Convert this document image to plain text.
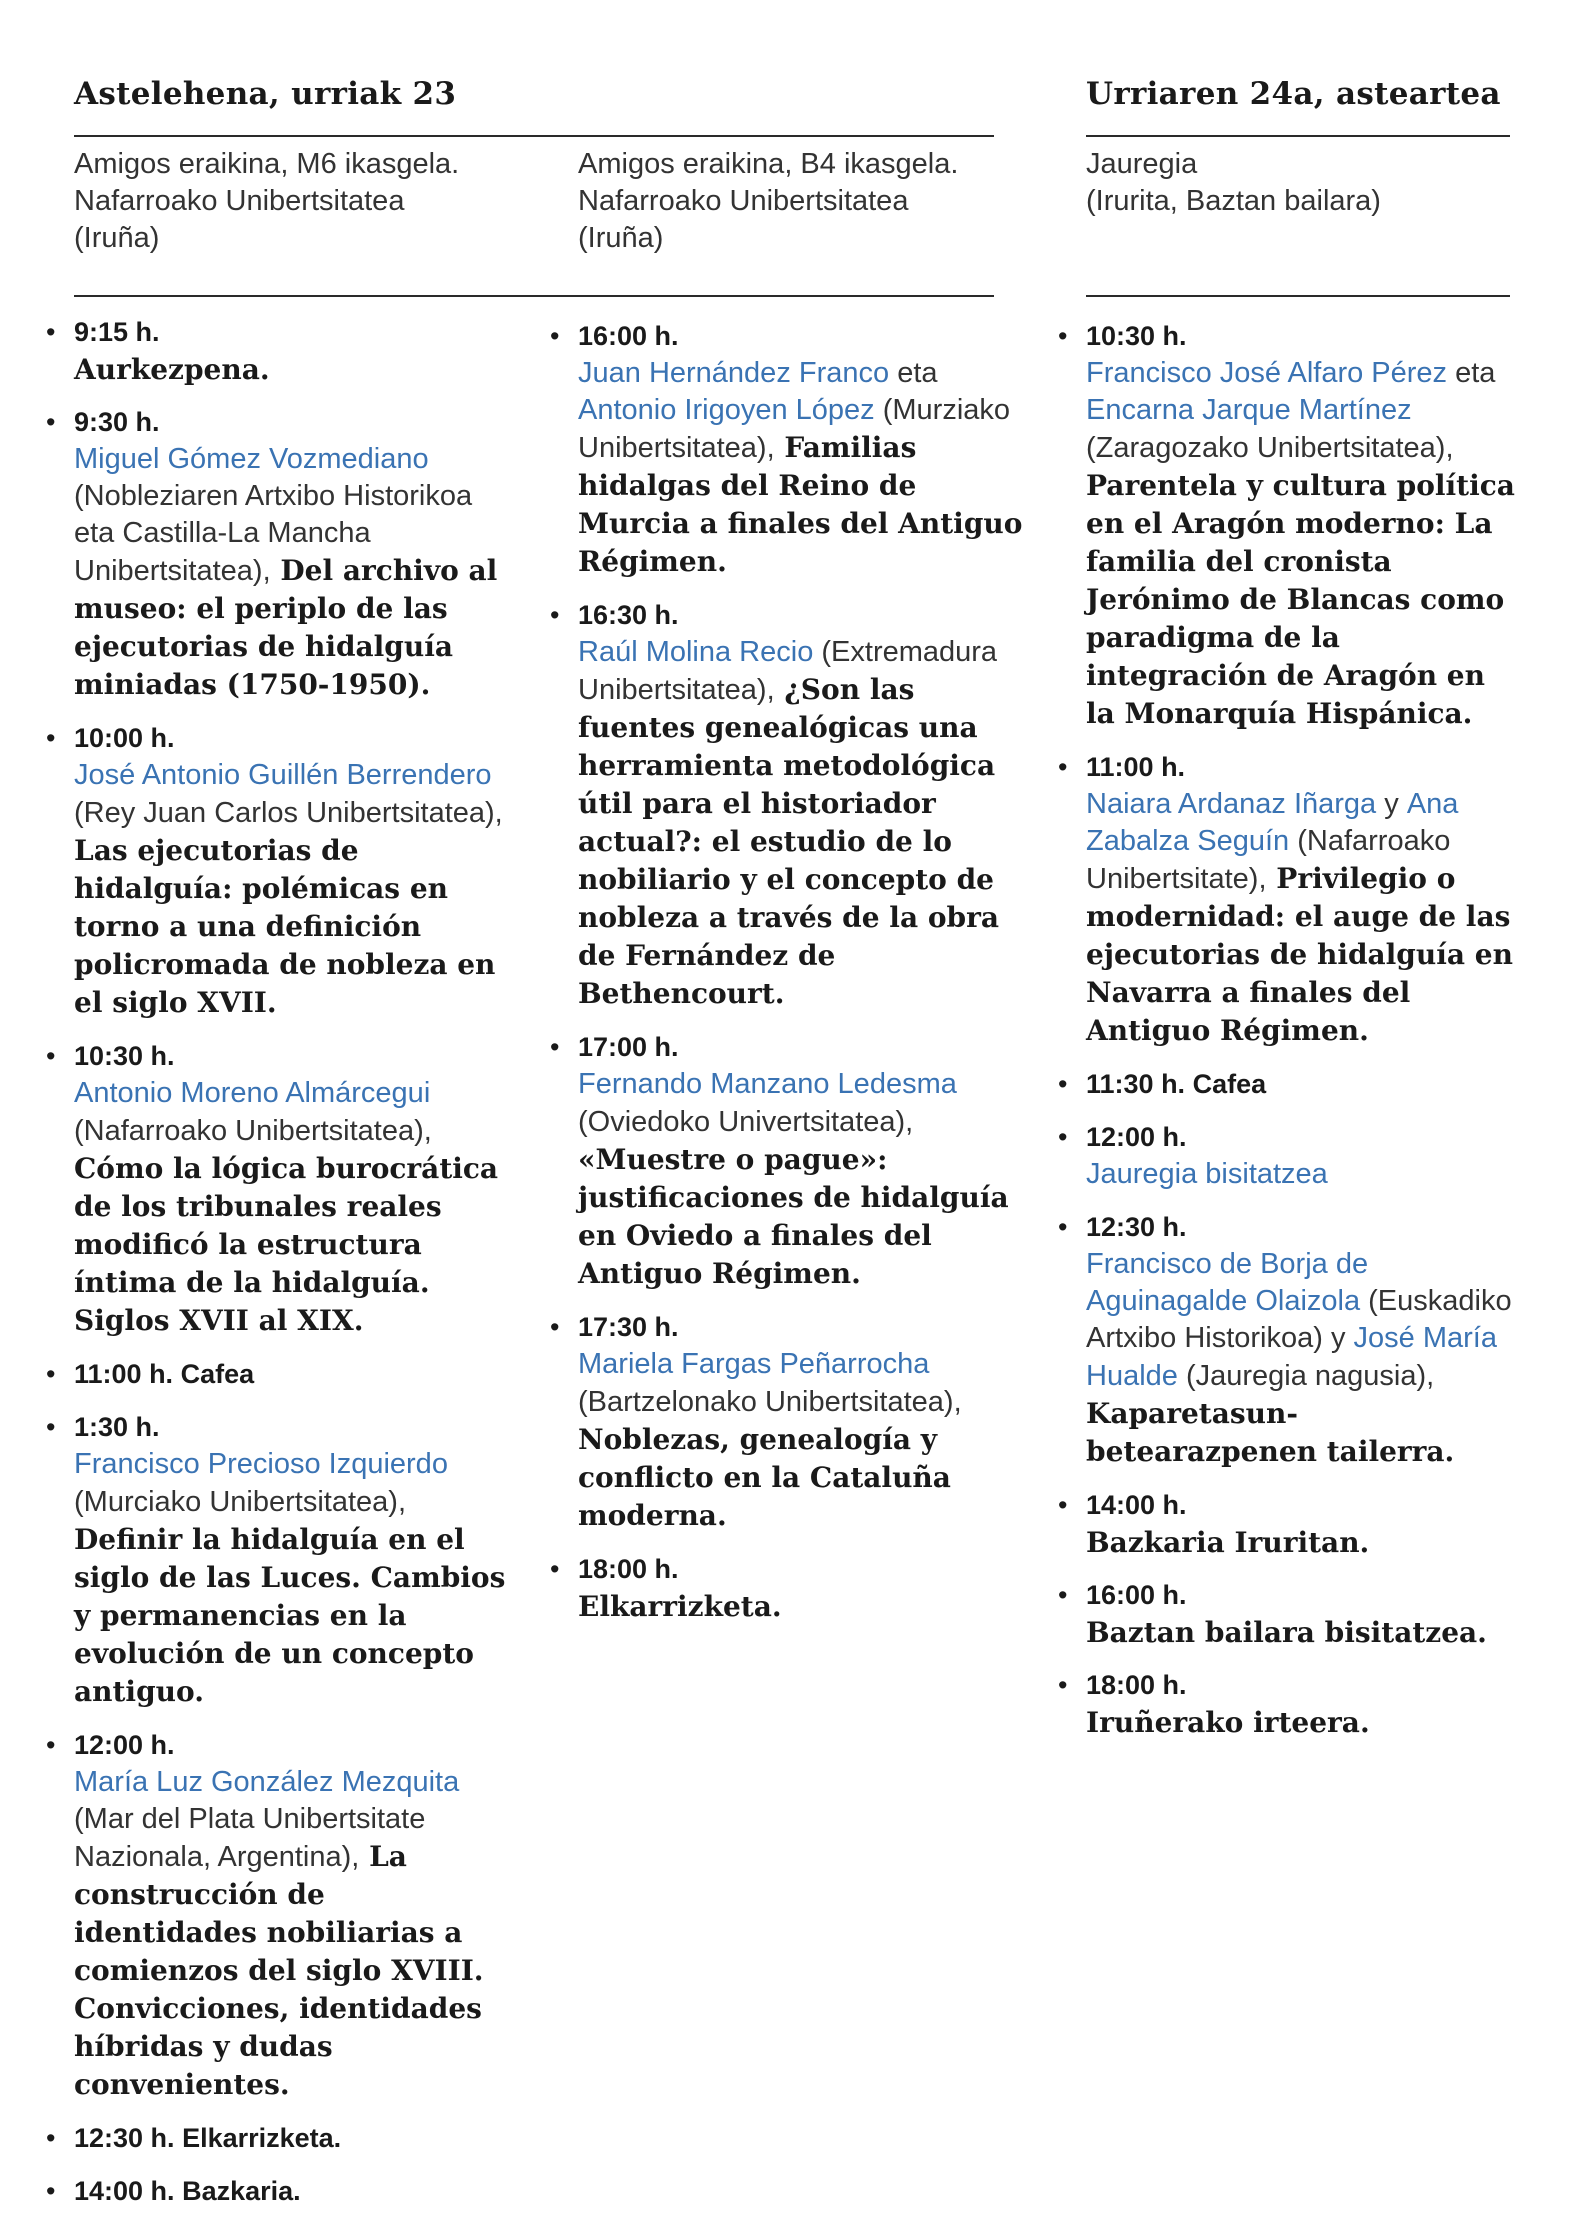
Astelehena, urriak 23	Urriaren 24a, asteartea
Amigos eraikina, M6 ikasgela.
Nafarroako Unibertsitatea
(Iruña)
Amigos eraikina, B4 ikasgela.
Nafarroako Unibertsitatea
(Iruña)
Jauregia
(Irurita, Baztan bailara)
• 9:15 h.
Aurkezpena.
• 9:30 h.
Miguel Gómez Vozmediano (Nobleziaren Artxibo Historikoa eta Castilla-La Mancha Unibertsitatea), Del archivo al museo: el periplo de las ejecutorias de hidalguía miniadas (1750-1950).
• 10:00 h.
José Antonio Guillén Berrendero (Rey Juan Carlos Unibertsitatea), Las ejecutorias de hidalguía: polémicas en torno a una definición policromada de nobleza en el siglo XVII.
• 10:30 h.
Antonio Moreno Almárcegui (Nafarroako Unibertsitatea), Cómo la lógica burocrática de los tribunales reales modificó la estructura íntima de la hidalguía. Siglos XVII al XIX.
• 11:00 h. Cafea
• 1:30 h.
Francisco Precioso Izquierdo (Murciako Unibertsitatea), Definir la hidalguía en el siglo de las Luces. Cambios y permanencias en la evolución de un concepto antiguo.
• 12:00 h.
María Luz González Mezquita (Mar del Plata Unibertsitate Nazionala, Argentina), La construcción de identidades nobiliarias a comienzos del siglo XVIII. Convicciones, identidades híbridas y dudas convenientes.
• 12:30 h. Elkarrizketa.
• 14:00 h. Bazkaria.
• 16:00 h.
Juan Hernández Franco eta Antonio Irigoyen López (Murziako Unibertsitatea), Familias hidalgas del Reino de Murcia a finales del Antiguo Régimen.
• 16:30 h.
Raúl Molina Recio (Extremadura Unibertsitatea), ¿Son las fuentes genealógicas una herramienta metodológica útil para el historiador actual?: el estudio de lo nobiliario y el concepto de nobleza a través de la obra de Fernández de Bethencourt.
• 17:00 h.
Fernando Manzano Ledesma (Oviedoko Univertsitatea), «Muestre o pague»: justificaciones de hidalguía en Oviedo a finales del Antiguo Régimen.
• 17:30 h.
Mariela Fargas Peñarrocha (Bartzelonako Unibertsitatea), Noblezas, genealogía y conflicto en la Cataluña moderna.
• 18:00 h.
Elkarrizketa.
• 10:30 h.
Francisco José Alfaro Pérez eta Encarna Jarque Martínez (Zaragozako Unibertsitatea), Parentela y cultura política en el Aragón moderno: La familia del cronista Jerónimo de Blancas como paradigma de la integración de Aragón en la Monarquía Hispánica.
• 11:00 h.
Naiara Ardanaz Iñarga y Ana Zabalza Seguín (Nafarroako Unibertsitate), Privilegio o modernidad: el auge de las ejecutorias de hidalguía en Navarra a finales del Antiguo Régimen.
• 11:30 h. Cafea
• 12:00 h.
Jauregia bisitatzea
• 12:30 h.
Francisco de Borja de Aguinagalde Olaizola (Euskadiko Artxibo Historikoa) y José María Hualde (Jauregia nagusia), Kaparetasun-betearazpenen tailerra.
• 14:00 h.
Bazkaria Iruritan.
• 16:00 h.
Baztan bailara bisitatzea.
• 18:00 h.
Iruñerako irteera.
